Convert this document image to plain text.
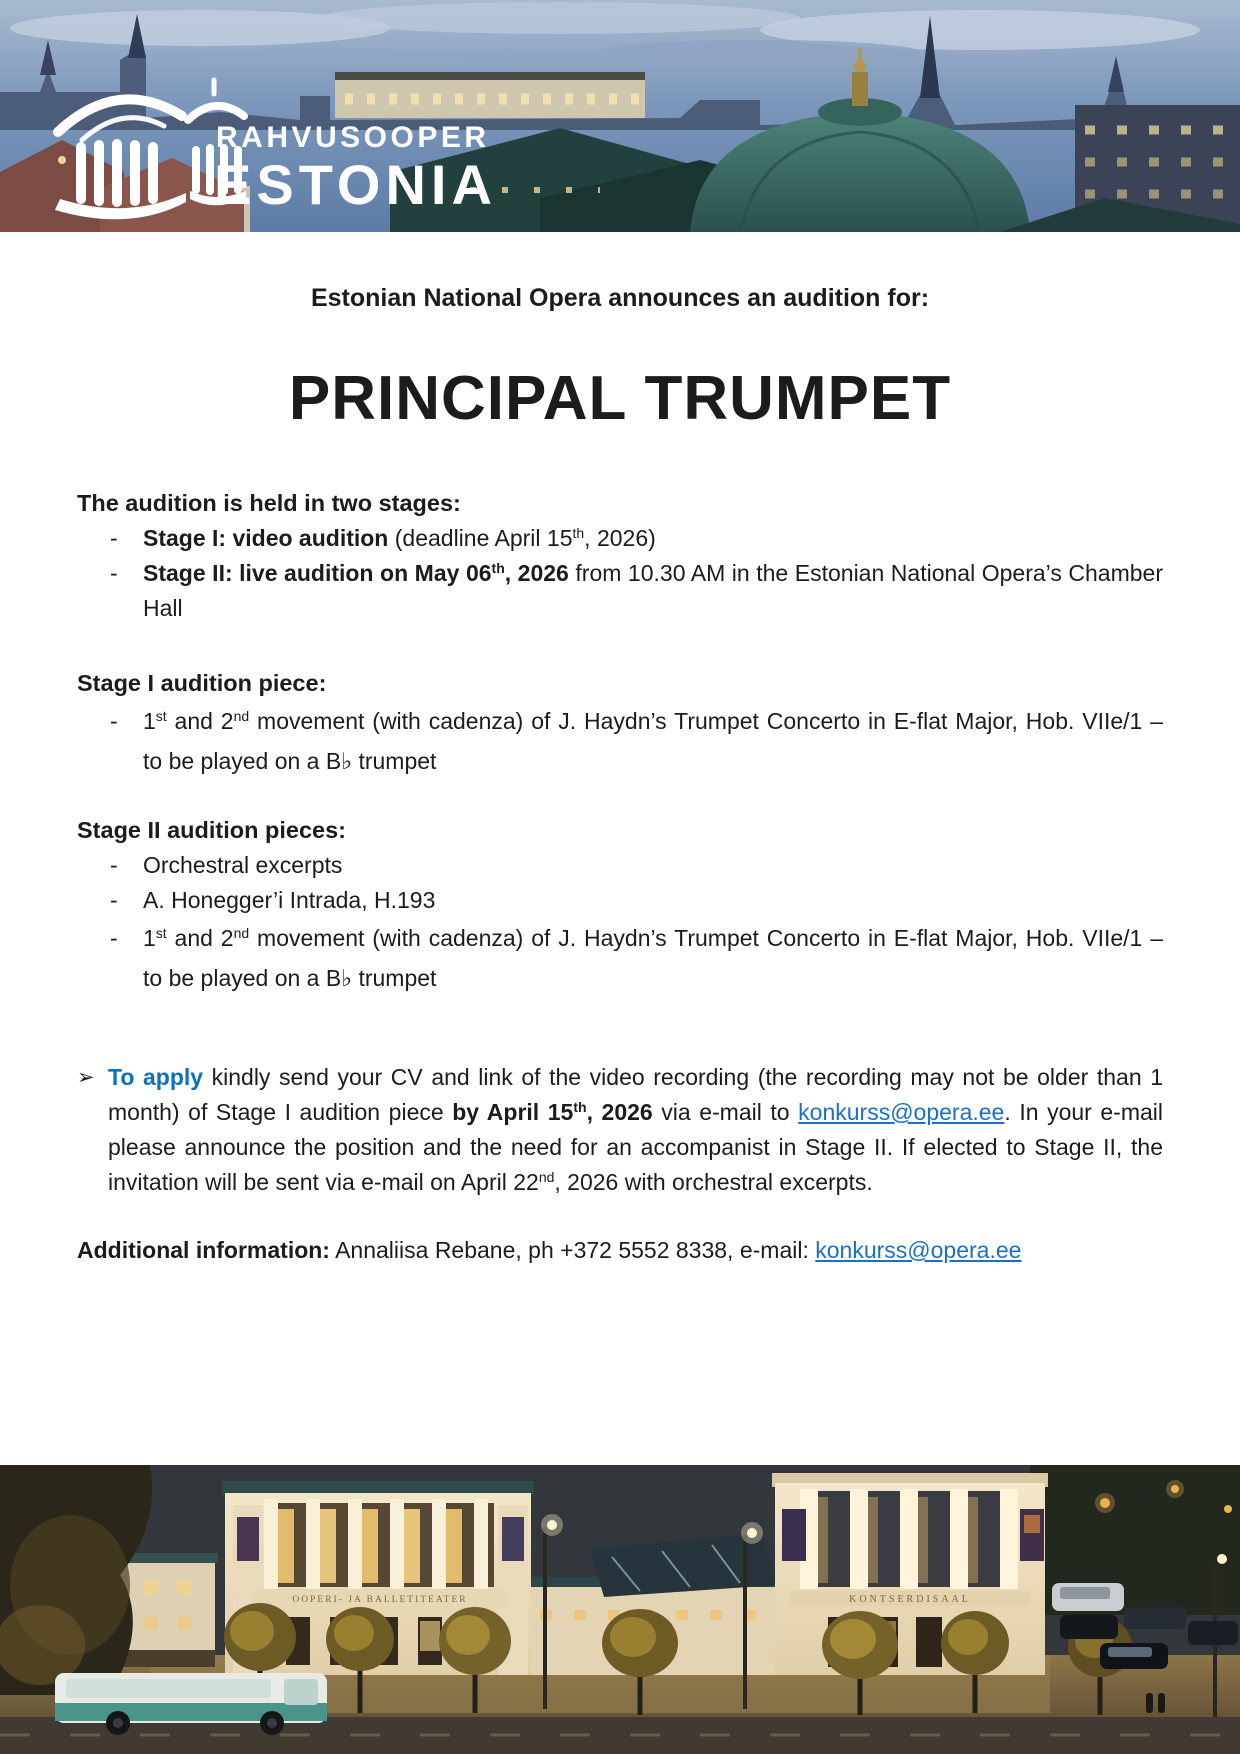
RAHVUSOOPER
ESTONIA

Estonian National Opera announces an audition for:

PRINCIPAL TRUMPET

The audition is held in two stages:

-	Stage I: video audition (deadline April 15th, 2026)
-	Stage II: live audition on May 06th, 2026 from 10.30 AM in the Estonian National Opera’s Chamber Hall

Stage I audition piece:

-	1st and 2nd movement (with cadenza) of J. Haydn’s Trumpet Concerto in E-flat Major, Hob. VIIe/1 – to be played on a B♭ trumpet

Stage II audition pieces:

-	Orchestral excerpts
-	A. Honegger’i Intrada, H.193
-	1st and 2nd movement (with cadenza) of J. Haydn’s Trumpet Concerto in E-flat Major, Hob. VIIe/1 – to be played on a B♭ trumpet
➢ To apply kindly send your CV and link of the video recording (the recording may not be older than 1 month) of Stage I audition piece by April 15th, 2026 via e-mail to konkurss@opera.ee. In your e-mail please announce the position and the need for an accompanist in Stage II. If elected to Stage II, the invitation will be sent via e-mail on April 22nd, 2026 with orchestral excerpts.

Additional information: Annaliisa Rebane, ph +372 5552 8338, e-mail: konkurss@opera.ee

OOPERI- JA BALLETITEATER	KONTSERDISAAL
